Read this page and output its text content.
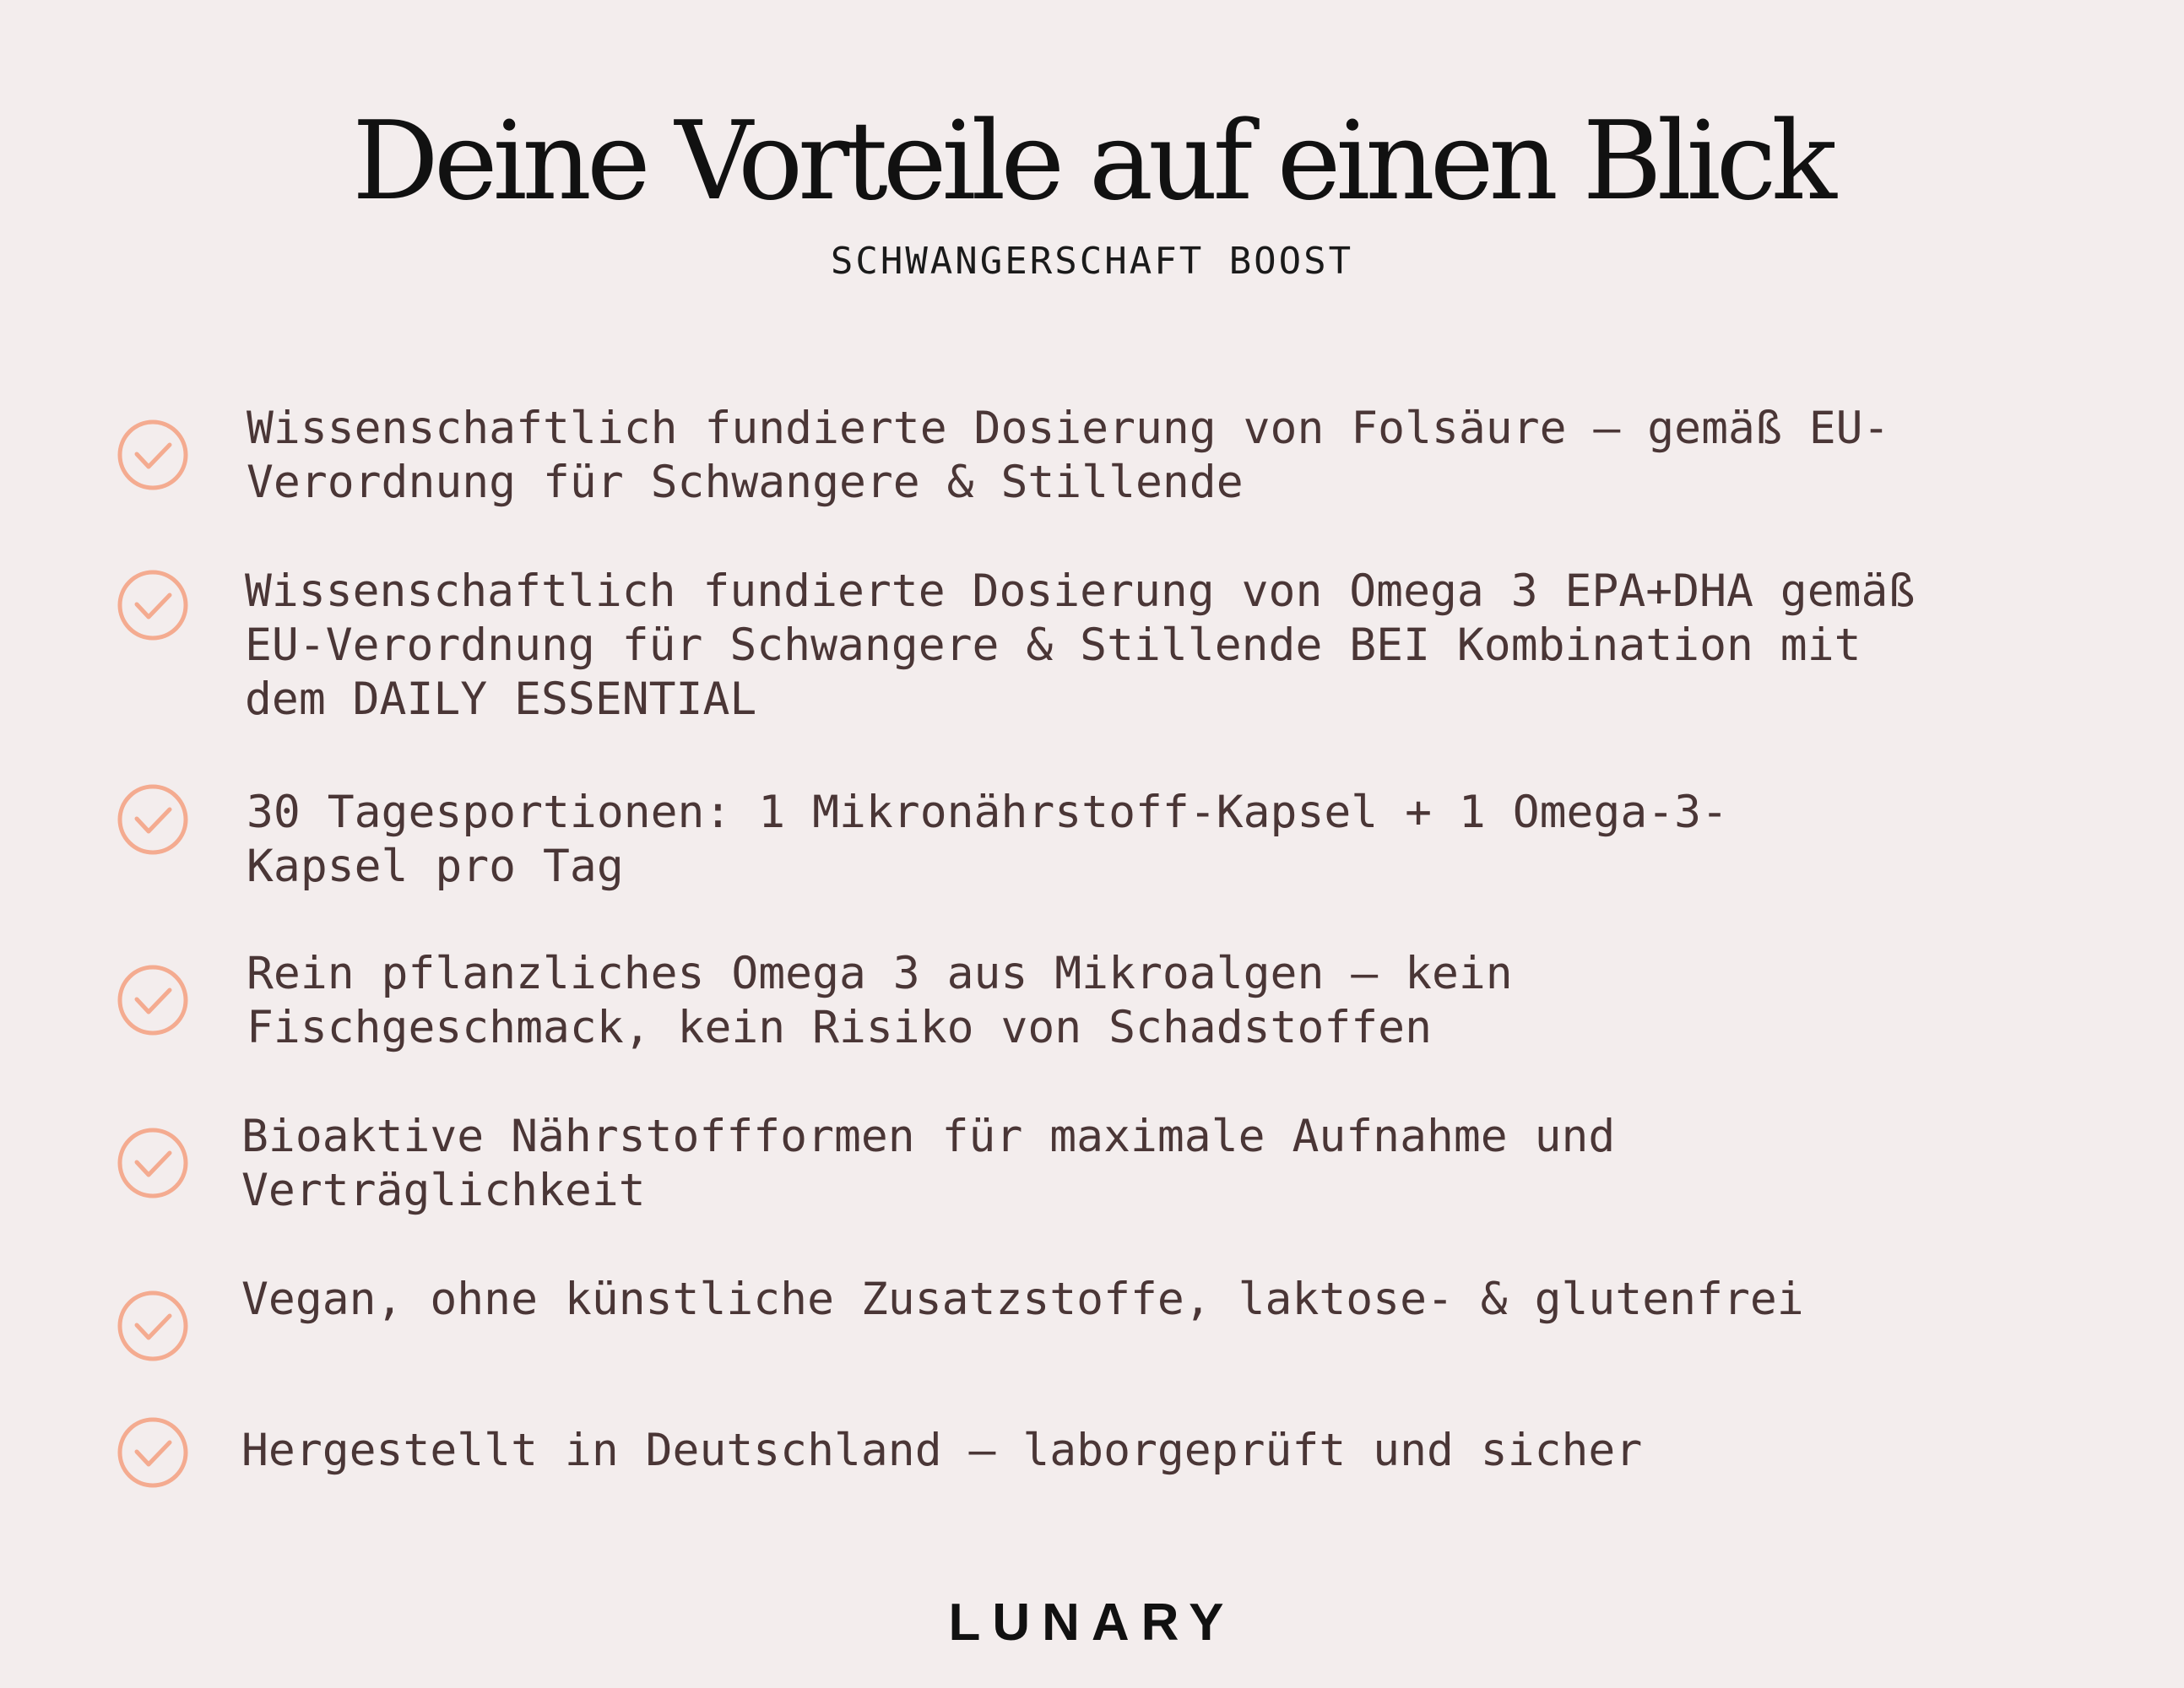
Deine Vorteile auf einen Blick
SCHWANGERSCHAFT BOOST
Wissenschaftlich fundierte Dosierung von Folsäure – gemäß EU-
Verordnung für Schwangere & Stillende
Wissenschaftlich fundierte Dosierung von Omega 3 EPA+DHA gemäß
EU-Verordnung für Schwangere & Stillende BEI Kombination mit
dem DAILY ESSENTIAL
30 Tagesportionen: 1 Mikronährstoff-Kapsel + 1 Omega-3-
Kapsel pro Tag
Rein pflanzliches Omega 3 aus Mikroalgen – kein
Fischgeschmack, kein Risiko von Schadstoffen
Bioaktive Nährstoffformen für maximale Aufnahme und
Verträglichkeit
Vegan, ohne künstliche Zusatzstoffe, laktose- & glutenfrei
Hergestellt in Deutschland – laborgeprüft und sicher
LUNARY
